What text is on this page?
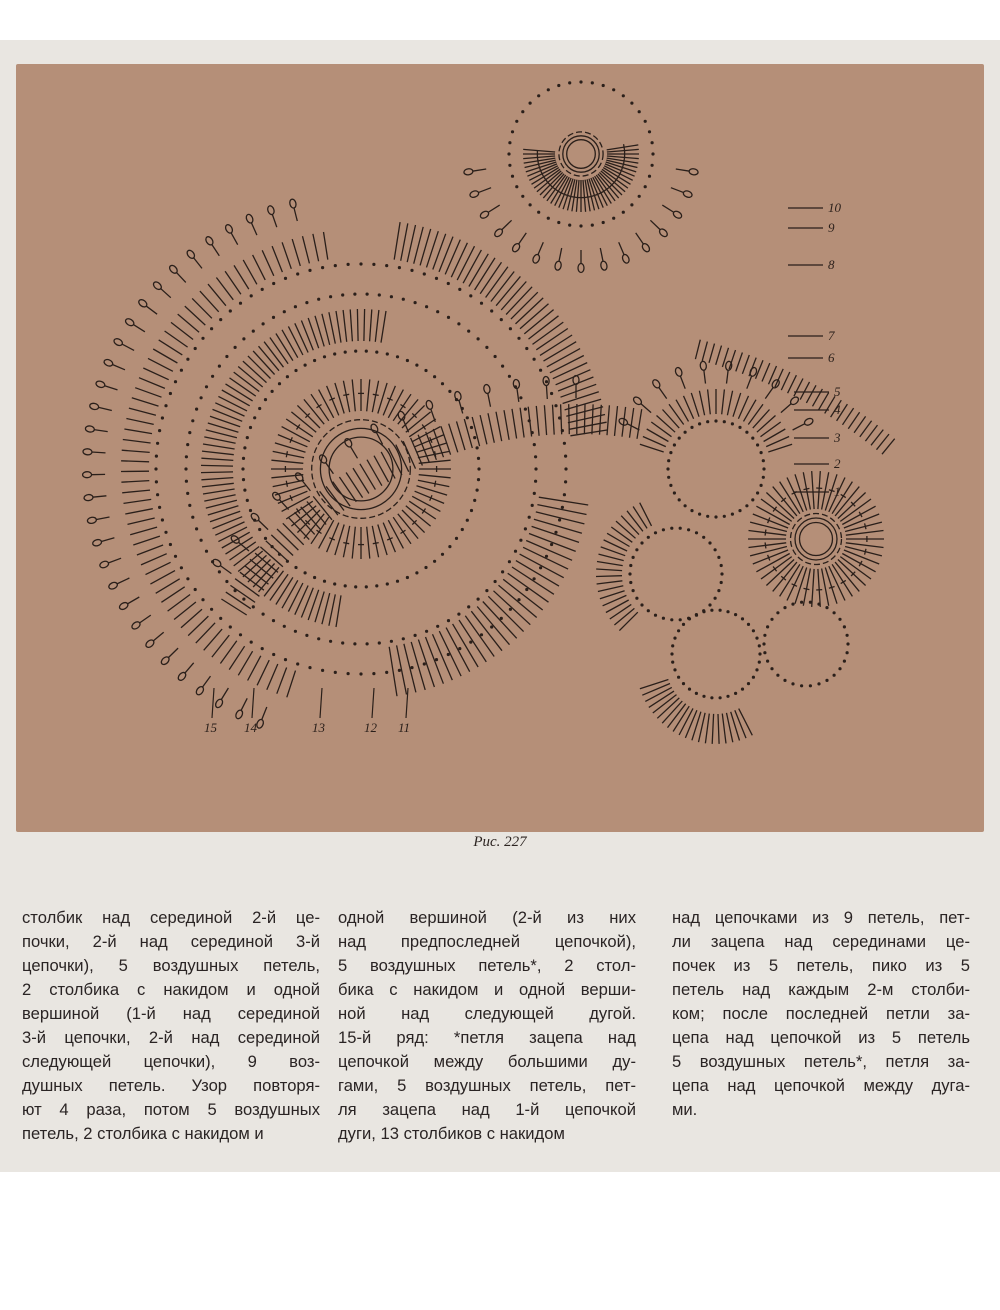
10
9
8
7
6
5
4
3
2
1
15 14	13	12 11
Рис. 227
столбик над серединой 2-й це-
почки, 2-й над серединой 3-й
цепочки), 5 воздушных петель,
2 столбика с накидом и одной
вершиной (1-й над серединой
3-й цепочки, 2-й над серединой
следующей цепочки), 9 воз-
душных петель. Узор повторя-
ют 4 раза, потом 5 воздушных
петель, 2 столбика с накидом и
одной вершиной (2-й из них
над предпоследней цепочкой),
5 воздушных петель*, 2 стол-
бика с накидом и одной верши-
ной над следующей дугой.
15-й ряд: *петля зацепа над
цепочкой между большими ду-
гами, 5 воздушных петель, пет-
ля зацепа над 1-й цепочкой
дуги, 13 столбиков с накидом
над цепочками из 9 петель, пет-
ли зацепа над серединами це-
почек из 5 петель, пико из 5
петель над каждым 2-м столби-
ком; после последней петли за-
цепа над цепочкой из 5 петель
5 воздушных петель*, петля за-
цепа над цепочкой между дуга-
ми.
